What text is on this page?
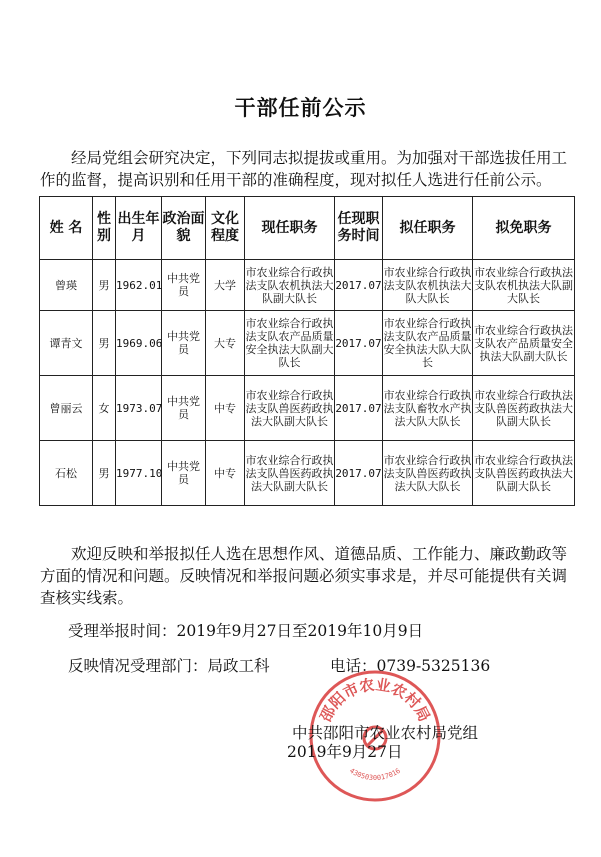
干部任前公示
经局党组会研究决定，下列同志拟提拔或重用。为加强对干部选拔任用工作的监督，提高识别和任用干部的准确程度，现对拟任人选进行任前公示。
姓 名	性别	出生年月	政治面貌	文化程度	现任职务	任现职务时间	拟任职务	拟免职务
曾瑛	男	1962.01	中共党员	大学	市农业综合行政执法支队农机执法大队副大队长	2017.07	市农业综合行政执法支队农机执法大队大队长	市农业综合行政执法支队农机执法大队副大队长
谭青文	男	1969.06	中共党员	大专	市农业综合行政执法支队农产品质量安全执法大队副大队长	2017.07	市农业综合行政执法支队农产品质量安全执法大队大队长	市农业综合行政执法支队农产品质量安全执法大队副大队长
曾丽云	女	1973.07	中共党员	中专	市农业综合行政执法支队兽医药政执法大队副大队长	2017.07	市农业综合行政执法支队畜牧水产执法大队大队长	市农业综合行政执法支队兽医药政执法大队副大队长
石松	男	1977.10	中共党员	中专	市农业综合行政执法支队兽医药政执法大队副大队长	2017.07	市农业综合行政执法支队兽医药政执法大队大队长	市农业综合行政执法支队兽医药政执法大队副大队长
欢迎反映和举报拟任人选在思想作风、道德品质、工作能力、廉政勤政等方面的情况和问题。反映情况和举报问题必须实事求是，并尽可能提供有关调查核实线索。
受理举报时间：2019年9月27日至2019年10月9日
反映情况受理部门：局政工科	电话：0739-5325136
邵阳市农业农村局
4305030017016
中共邵阳市农业农村局党组
2019年9月27日
